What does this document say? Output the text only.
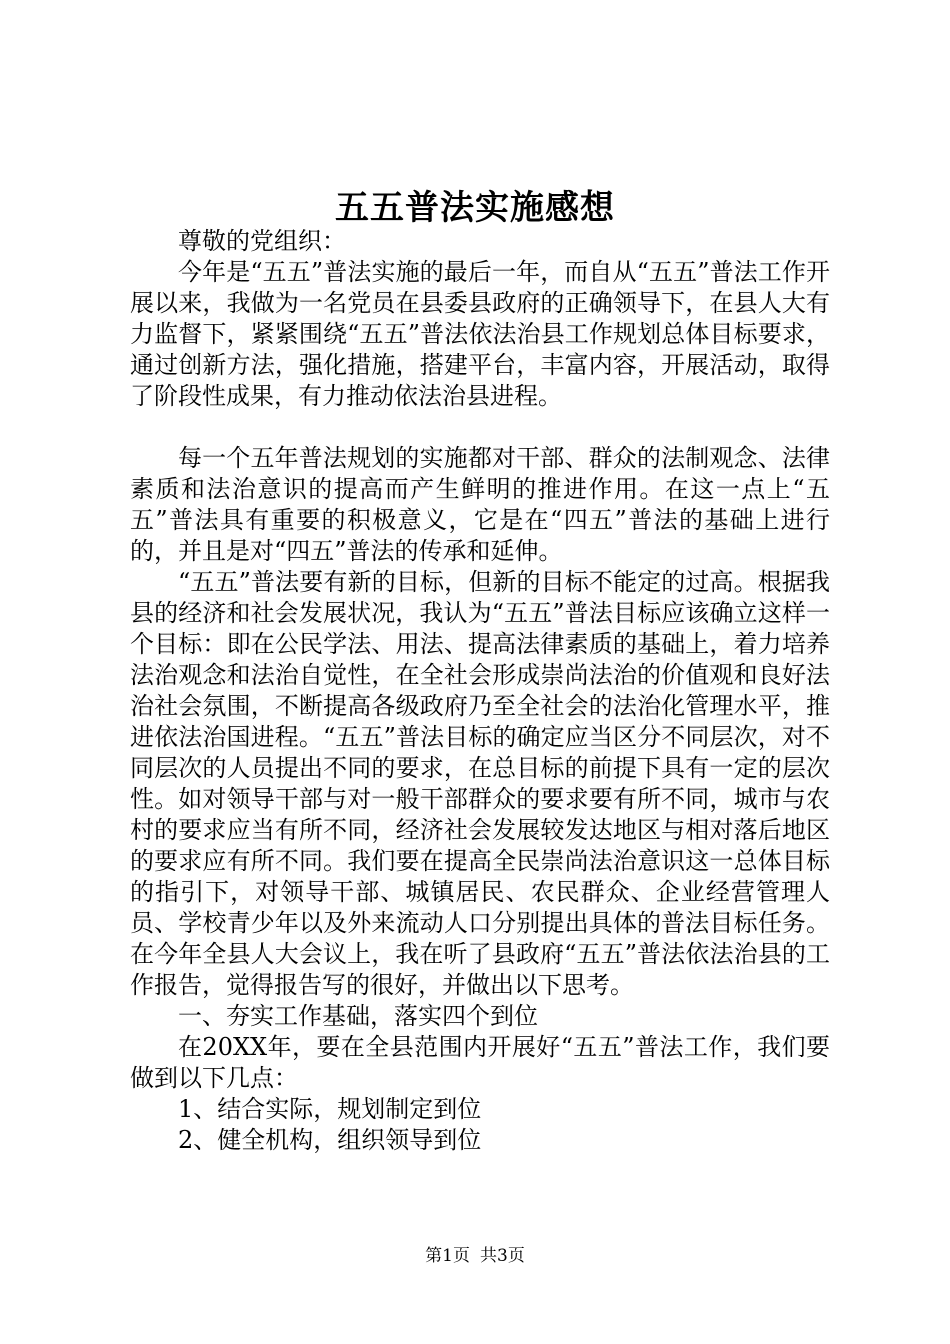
五五普法实施感想

尊敬的党组织：

今年是“五五”普法实施的最后一年，而自从“五五”普法工作开展以来，我做为一名党员在县委县政府的正确领导下，在县人大有力监督下，紧紧围绕“五五”普法依法治县工作规划总体目标要求，通过创新方法，强化措施，搭建平台，丰富内容，开展活动，取得了阶段性成果，有力推动依法治县进程。

每一个五年普法规划的实施都对干部、群众的法制观念、法律素质和法治意识的提高而产生鲜明的推进作用。在这一点上“五五”普法具有重要的积极意义，它是在“四五”普法的基础上进行的，并且是对“四五”普法的传承和延伸。

“五五”普法要有新的目标，但新的目标不能定的过高。根据我县的经济和社会发展状况，我认为“五五”普法目标应该确立这样一个目标：即在公民学法、用法、提高法律素质的基础上，着力培养法治观念和法治自觉性，在全社会形成崇尚法治的价值观和良好法治社会氛围，不断提高各级政府乃至全社会的法治化管理水平，推进依法治国进程。“五五”普法目标的确定应当区分不同层次，对不同层次的人员提出不同的要求，在总目标的前提下具有一定的层次性。如对领导干部与对一般干部群众的要求要有所不同，城市与农村的要求应当有所不同，经济社会发展较发达地区与相对落后地区的要求应有所不同。我们要在提高全民崇尚法治意识这一总体目标的指引下，对领导干部、城镇居民、农民群众、企业经营管理人员、学校青少年以及外来流动人口分别提出具体的普法目标任务。在今年全县人大会议上，我在听了县政府“五五”普法依法治县的工作报告，觉得报告写的很好，并做出以下思考。

一、夯实工作基础，落实四个到位

在20XX年，要在全县范围内开展好“五五”普法工作，我们要做到以下几点：

1、结合实际，规划制定到位

2、健全机构，组织领导到位

第1页 共3页
